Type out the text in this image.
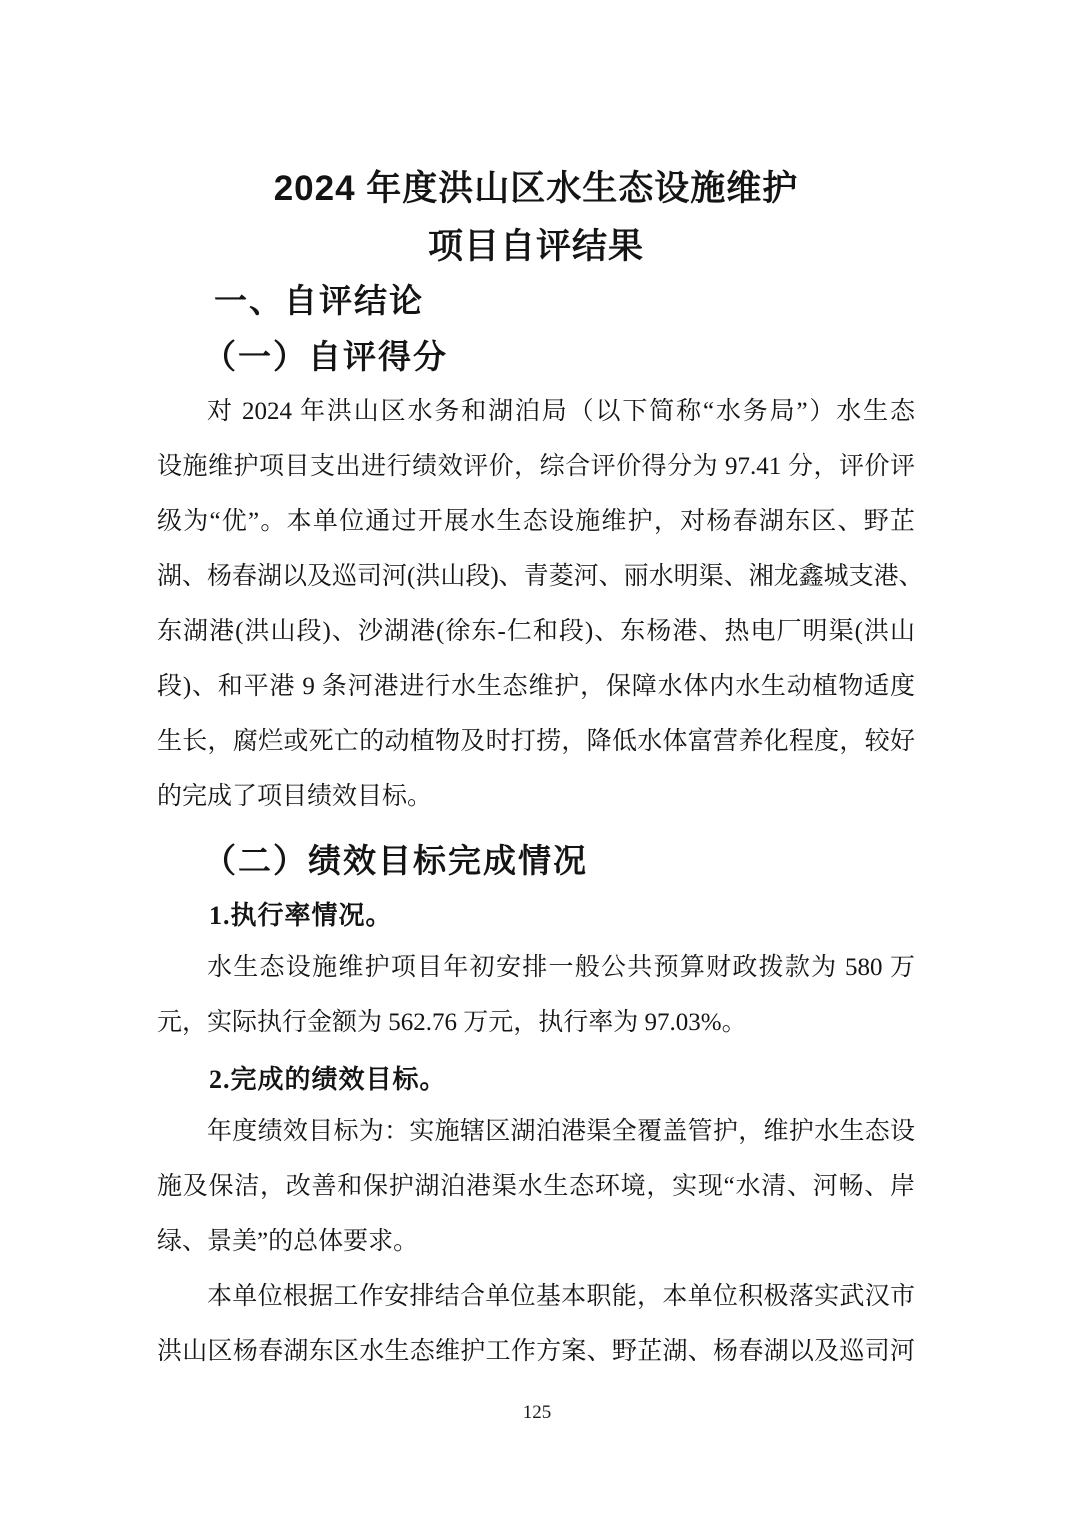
2024 年度洪山区水生态设施维护
项目自评结果
一、自评结论
（一）自评得分
对 2024 年洪山区水务和湖泊局（以下简称“水务局”）水生态
设施维护项目支出进行绩效评价，综合评价得分为 97.41 分，评价评
级为“优”。本单位通过开展水生态设施维护，对杨春湖东区、野芷
湖、杨春湖以及巡司河(洪山段)、青菱河、丽水明渠、湘龙鑫城支港、
东湖港(洪山段)、沙湖港(徐东-仁和段)、东杨港、热电厂明渠(洪山
段)、和平港 9 条河港进行水生态维护，保障水体内水生动植物适度
生长，腐烂或死亡的动植物及时打捞，降低水体富营养化程度，较好
的完成了项目绩效目标。
（二）绩效目标完成情况
1.执行率情况。
水生态设施维护项目年初安排一般公共预算财政拨款为 580 万
元，实际执行金额为 562.76 万元，执行率为 97.03%。
2.完成的绩效目标。
年度绩效目标为：实施辖区湖泊港渠全覆盖管护，维护水生态设
施及保洁，改善和保护湖泊港渠水生态环境，实现“水清、河畅、岸
绿、景美”的总体要求。
本单位根据工作安排结合单位基本职能，本单位积极落实武汉市
洪山区杨春湖东区水生态维护工作方案、野芷湖、杨春湖以及巡司河
125
